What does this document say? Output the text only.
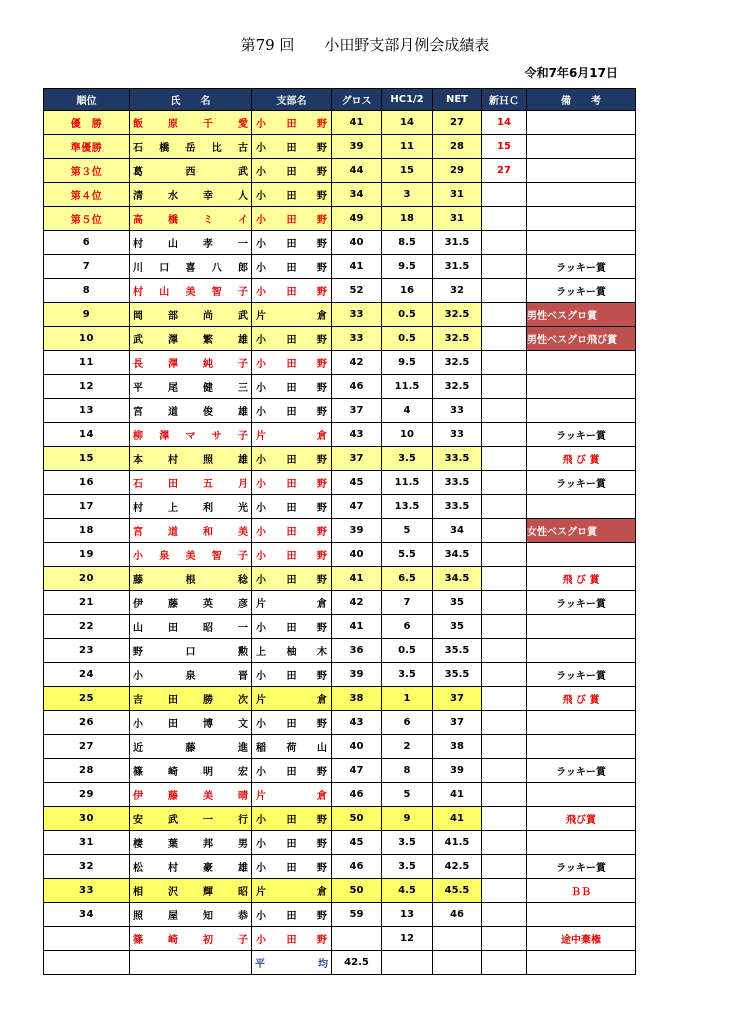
第79 回　　小田野支部月例会成績表
令和7年6月17日
順位	氏　　名	支部名	グロス	HC1/2	NET	新ＨＣ	備　　考
優　勝	飯 原 千 愛	小 田 野	41	14	27	14	
準優勝	石 橋 岳 比 古	小 田 野	39	11	28	15	
第３位	葛 西 武	小 田 野	44	15	29	27	
第４位	清 水 幸 人	小 田 野	34	3	31		
第５位	高 橋 ミ イ	小 田 野	49	18	31		
6	村 山 孝 一	小 田 野	40	8.5	31.5		
7	川 口 喜 八 郎	小 田 野	41	9.5	31.5		ラッキー賞
8	村 山 美 智 子	小 田 野	52	16	32		ラッキー賞
9	岡 部 尚 武	片 倉	33	0.5	32.5		男性ベスグロ賞
10	武 澤 繁 雄	小 田 野	33	0.5	32.5		男性ベスグロ飛び賞
11	長 澤 純 子	小 田 野	42	9.5	32.5		
12	平 尾 健 三	小 田 野	46	11.5	32.5		
13	宮 道 俊 雄	小 田 野	37	4	33		
14	柳 澤 マ サ 子	片 倉	43	10	33		ラッキー賞
15	本 村 照 雄	小 田 野	37	3.5	33.5		飛 び 賞
16	石 田 五 月	小 田 野	45	11.5	33.5		ラッキー賞
17	村 上 利 光	小 田 野	47	13.5	33.5		
18	宮 道 和 美	小 田 野	39	5	34		女性ベスグロ賞
19	小 泉 美 智 子	小 田 野	40	5.5	34.5		
20	藤 根 稔	小 田 野	41	6.5	34.5		飛 び 賞
21	伊 藤 英 彦	片 倉	42	7	35		ラッキー賞
22	山 田 昭 一	小 田 野	41	6	35		
23	野 口 勲	上 柚 木	36	0.5	35.5		
24	小 泉 晋	小 田 野	39	3.5	35.5		ラッキー賞
25	吉 田 勝 次	片 倉	38	1	37		飛 び 賞
26	小 田 博 文	小 田 野	43	6	37		
27	近 藤 進	稲 荷 山	40	2	38		
28	篠 崎 明 宏	小 田 野	47	8	39		ラッキー賞
29	伊 藤 美 晴	片 倉	46	5	41		
30	安 武 一 行	小 田 野	50	9	41		飛び賞
31	棲 葉 邦 男	小 田 野	45	3.5	41.5		
32	松 村 豪 雄	小 田 野	46	3.5	42.5		ラッキー賞
33	相 沢 輝 昭	片 倉	50	4.5	45.5		ＢＢ
34	照 屋 知 恭	小 田 野	59	13	46		

	篠 崎 初 子	小 田 野		12			途中棄権

		平 均	42.5				
